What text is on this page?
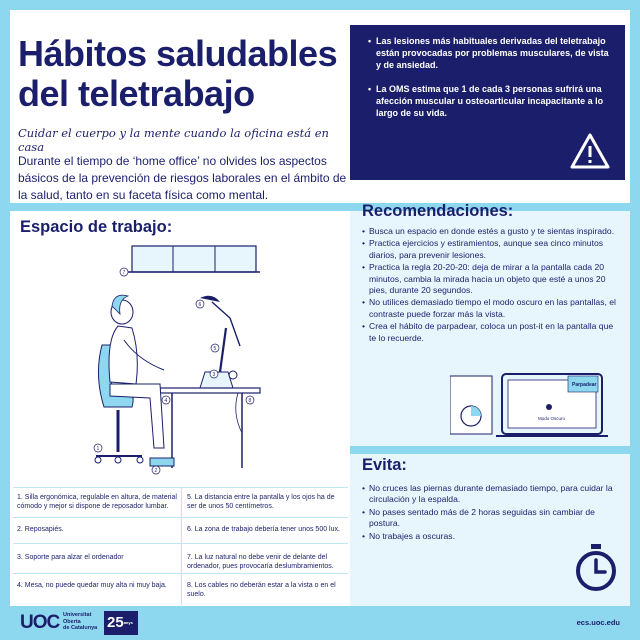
Hábitos saludables
del teletrabajo

Cuidar el cuerpo y la mente cuando la oficina está en casa

Durante el tiempo de ‘home office’ no olvides los aspectos básicos de la prevención de riesgos laborales en el ámbito de la salud, tanto en su faceta física como mental.

• Las lesiones más habituales derivadas del teletrabajo están provocadas por problemas musculares, de vista y de ansiedad.
• La OMS estima que 1 de cada 3 personas sufrirá una afección muscular u osteoarticular incapacitante a lo largo de su vida.
Espacio de trabajo:
7
6
5
3
4	8
1
2
Recomendaciones:
• Busca un espacio en donde estés a gusto y te sientas inspirado.
• Practica ejercicios y estiramientos, aunque sea cinco minutos diarios, para prevenir lesiones.
• Practica la regla 20-20-20: deja de mirar a la pantalla cada 20 minutos, cambia la mirada hacia un objeto que esté a unos 20 pies, durante 20 segundos.
• No utilices demasiado tiempo el modo oscuro en las pantallas, el contraste puede forzar más la vista.
• Crea el hábito de parpadear, coloca un post-it en la pantalla que te lo recuerde.
Parpadear
Modo Oscuro
Evita:
• No cruces las piernas durante demasiado tiempo, para cuidar la circulación y la espalda.
• No pases sentado más de 2 horas seguidas sin cambiar de postura.
• No trabajes a oscuras.
1. Silla ergonómica, regulable en altura, de material cómodo y mejor si dispone de reposador lumbar.
2. Reposapiés.
3. Soporte para alzar el ordenador
4. Mesa, no puede quedar muy alta ni muy baja.
5. La distancia entre la pantalla y los ojos ha de ser de unos 50 centímetros.
6. La zona de trabajo debería tener unos 500 lux.
7. La luz natural no debe venir de delante del ordenador, pues provocaría deslumbramientos.
8. Los cables no deberán estar a la vista o en el suelo.
UOC Universitat
Oberta
de Catalunya 25anys	ecs.uoc.edu
